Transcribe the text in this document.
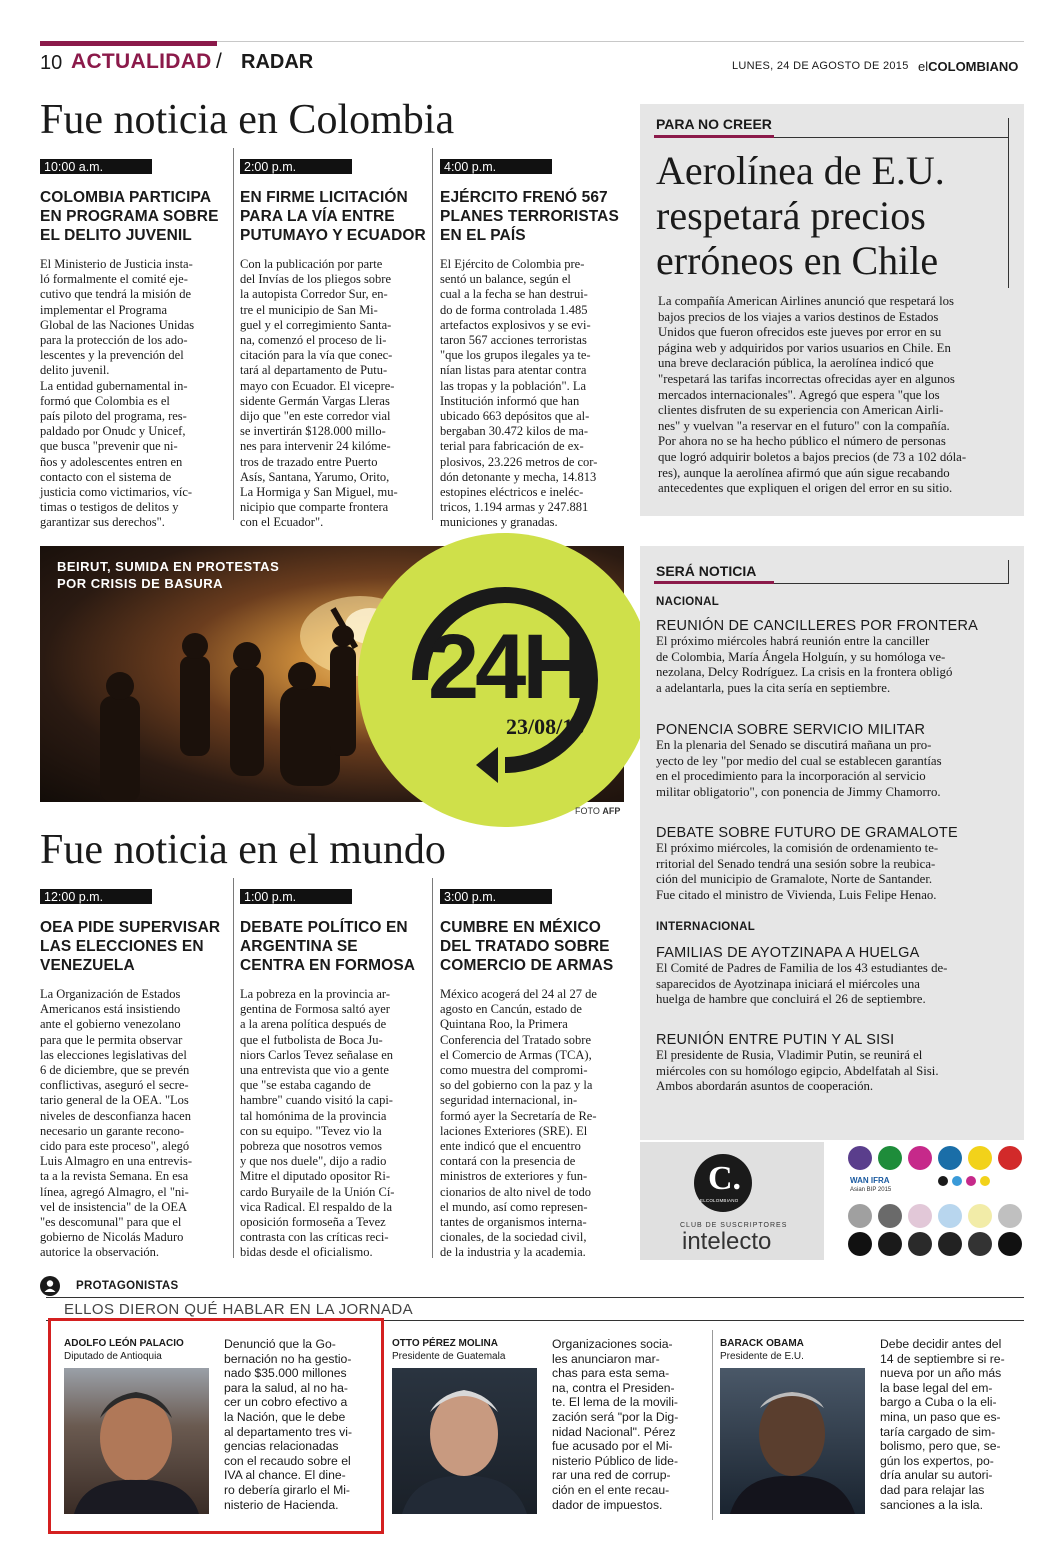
10 ACTUALIDAD / RADAR	LUNES, 24 DE AGOSTO DE 2015 elCOLOMBIANO
Fue noticia en Colombia
10:00 a.m.
COLOMBIA PARTICIPA EN PROGRAMA SOBRE EL DELITO JUVENIL
El Ministerio de Justicia insta-
ló formalmente el comité eje-
cutivo que tendrá la misión de
implementar el Programa
Global de las Naciones Unidas
para la protección de los ado-
lescentes y la prevención del
delito juvenil.
La entidad gubernamental in-
formó que Colombia es el
país piloto del programa, res-
paldado por Onudc y Unicef,
que busca "prevenir que ni-
ños y adolescentes entren en
contacto con el sistema de
justicia como victimarios, víc-
timas o testigos de delitos y
garantizar sus derechos".
2:00 p.m.
EN FIRME LICITACIÓN PARA LA VÍA ENTRE PUTUMAYO Y ECUADOR
Con la publicación por parte
del Invías de los pliegos sobre
la autopista Corredor Sur, en-
tre el municipio de San Mi-
guel y el corregimiento Santa-
na, comenzó el proceso de li-
citación para la vía que conec-
tará al departamento de Putu-
mayo con Ecuador. El vicepre-
sidente Germán Vargas Lleras
dijo que "en este corredor vial
se invertirán $128.000 millo-
nes para intervenir 24 kilóme-
tros de trazado entre Puerto
Asís, Santana, Yarumo, Orito,
La Hormiga y San Miguel, mu-
nicipio que comparte frontera
con el Ecuador".
4:00 p.m.
EJÉRCITO FRENÓ 567 PLANES TERRORISTAS EN EL PAÍS
El Ejército de Colombia pre-
sentó un balance, según el
cual a la fecha se han destrui-
do de forma controlada 1.485
artefactos explosivos y se evi-
taron 567 acciones terroristas
"que los grupos ilegales ya te-
nían listas para atentar contra
las tropas y la población". La
Institución informó que han
ubicado 663 depósitos que al-
bergaban 30.472 kilos de ma-
terial para fabricación de ex-
plosivos, 23.226 metros de cor-
dón detonante y mecha, 14.813
estopines eléctricos e ineléc-
tricos, 1.194 armas y 247.881
municiones y granadas.
PARA NO CREER
Aerolínea de E.U.
respetará precios
erróneos en Chile
La compañía American Airlines anunció que respetará los
bajos precios de los viajes a varios destinos de Estados
Unidos que fueron ofrecidos este jueves por error en su
página web y adquiridos por varios usuarios en Chile. En
una breve declaración pública, la aerolínea indicó que
"respetará las tarifas incorrectas ofrecidas ayer en algunos
mercados internacionales". Agregó que espera "que los
clientes disfruten de su experiencia con American Airli-
nes" y vuelvan "a reservar en el futuro" con la compañía.
Por ahora no se ha hecho público el número de personas
que logró adquirir boletos a bajos precios (de 73 a 102 dóla-
res), aunque la aerolínea afirmó que aún sigue recabando
antecedentes que expliquen el origen del error en su sitio.
BEIRUT, SUMIDA EN PROTESTAS
POR CRISIS DE BASURA
24H
23/08/15
FOTO AFP
SERÁ NOTICIA
NACIONAL
REUNIÓN DE CANCILLERES POR FRONTERA
El próximo miércoles habrá reunión entre la canciller
de Colombia, María Ángela Holguín, y su homóloga ve-
nezolana, Delcy Rodríguez. La crisis en la frontera obligó
a adelantarla, pues la cita sería en septiembre.
PONENCIA SOBRE SERVICIO MILITAR
En la plenaria del Senado se discutirá mañana un pro-
yecto de ley "por medio del cual se establecen garantías
en el procedimiento para la incorporación al servicio
militar obligatorio", con ponencia de Jimmy Chamorro.
DEBATE SOBRE FUTURO DE GRAMALOTE
El próximo miércoles, la comisión de ordenamiento te-
rritorial del Senado tendrá una sesión sobre la reubica-
ción del municipio de Gramalote, Norte de Santander.
Fue citado el ministro de Vivienda, Luis Felipe Henao.
INTERNACIONAL
FAMILIAS DE AYOTZINAPA A HUELGA
El Comité de Padres de Familia de los 43 estudiantes de-
saparecidos de Ayotzinapa iniciará el miércoles una
huelga de hambre que concluirá el 26 de septiembre.
REUNIÓN ENTRE PUTIN Y AL SISI
El presidente de Rusia, Vladimir Putin, se reunirá el
miércoles con su homólogo egipcio, Abdelfatah al Sisi.
Ambos abordarán asuntos de cooperación.
Fue noticia en el mundo
12:00 p.m.
OEA PIDE SUPERVISAR LAS ELECCIONES EN VENEZUELA
La Organización de Estados
Americanos está insistiendo
ante el gobierno venezolano
para que le permita observar
las elecciones legislativas del
6 de diciembre, que se prevén
conflictivas, aseguró el secre-
tario general de la OEA. "Los
niveles de desconfianza hacen
necesario un garante recono-
cido para este proceso", alegó
Luis Almagro en una entrevis-
ta a la revista Semana. En esa
línea, agregó Almagro, el "ni-
vel de insistencia" de la OEA
"es descomunal" para que el
gobierno de Nicolás Maduro
autorice la observación.
1:00 p.m.
DEBATE POLÍTICO EN ARGENTINA SE CENTRA EN FORMOSA
La pobreza en la provincia ar-
gentina de Formosa saltó ayer
a la arena política después de
que el futbolista de Boca Ju-
niors Carlos Tevez señalase en
una entrevista que vio a gente
que "se estaba cagando de
hambre" cuando visitó la capi-
tal homónima de la provincia
con su equipo. "Tevez vio la
pobreza que nosotros vemos
y que nos duele", dijo a radio
Mitre el diputado opositor Ri-
cardo Buryaile de la Unión Cí-
vica Radical. El respaldo de la
oposición formoseña a Tevez
contrasta con las críticas reci-
bidas desde el oficialismo.
3:00 p.m.
CUMBRE EN MÉXICO DEL TRATADO SOBRE COMERCIO DE ARMAS
México acogerá del 24 al 27 de
agosto en Cancún, estado de
Quintana Roo, la Primera
Conferencia del Tratado sobre
el Comercio de Armas (TCA),
como muestra del compromi-
so del gobierno con la paz y la
seguridad internacional, in-
formó ayer la Secretaría de Re-
laciones Exteriores (SRE). El
ente indicó que el encuentro
contará con la presencia de
ministros de exteriores y fun-
cionarios de alto nivel de todo
el mundo, así como represen-
tantes de organismos interna-
cionales, de la sociedad civil,
de la industria y la academia.
C.
ELCOLOMBIANO
CLUB DE SUSCRIPTORES
intelecto
WAN IFRA
Asian BIP 2015
PROTAGONISTAS
ELLOS DIERON QUÉ HABLAR EN LA JORNADA
ADOLFO LEÓN PALACIO
Diputado de Antioquia
Denunció que la Go-
bernación no ha gestio-
nado $35.000 millones
para la salud, al no ha-
cer un cobro efectivo a
la Nación, que le debe
al departamento tres vi-
gencias relacionadas
con el recaudo sobre el
IVA al chance. El dine-
ro debería girarlo el Mi-
nisterio de Hacienda.
OTTO PÉREZ MOLINA
Presidente de Guatemala
Organizaciones socia-
les anunciaron mar-
chas para esta sema-
na, contra el Presiden-
te. El lema de la movili-
zación será "por la Dig-
nidad Nacional". Pérez
fue acusado por el Mi-
nisterio Público de lide-
rar una red de corrup-
ción en el ente recau-
dador de impuestos.
BARACK OBAMA
Presidente de E.U.
Debe decidir antes del
14 de septiembre si re-
nueva por un año más
la base legal del em-
bargo a Cuba o la eli-
mina, un paso que es-
taría cargado de sim-
bolismo, pero que, se-
gún los expertos, po-
dría anular su autori-
dad para relajar las
sanciones a la isla.
